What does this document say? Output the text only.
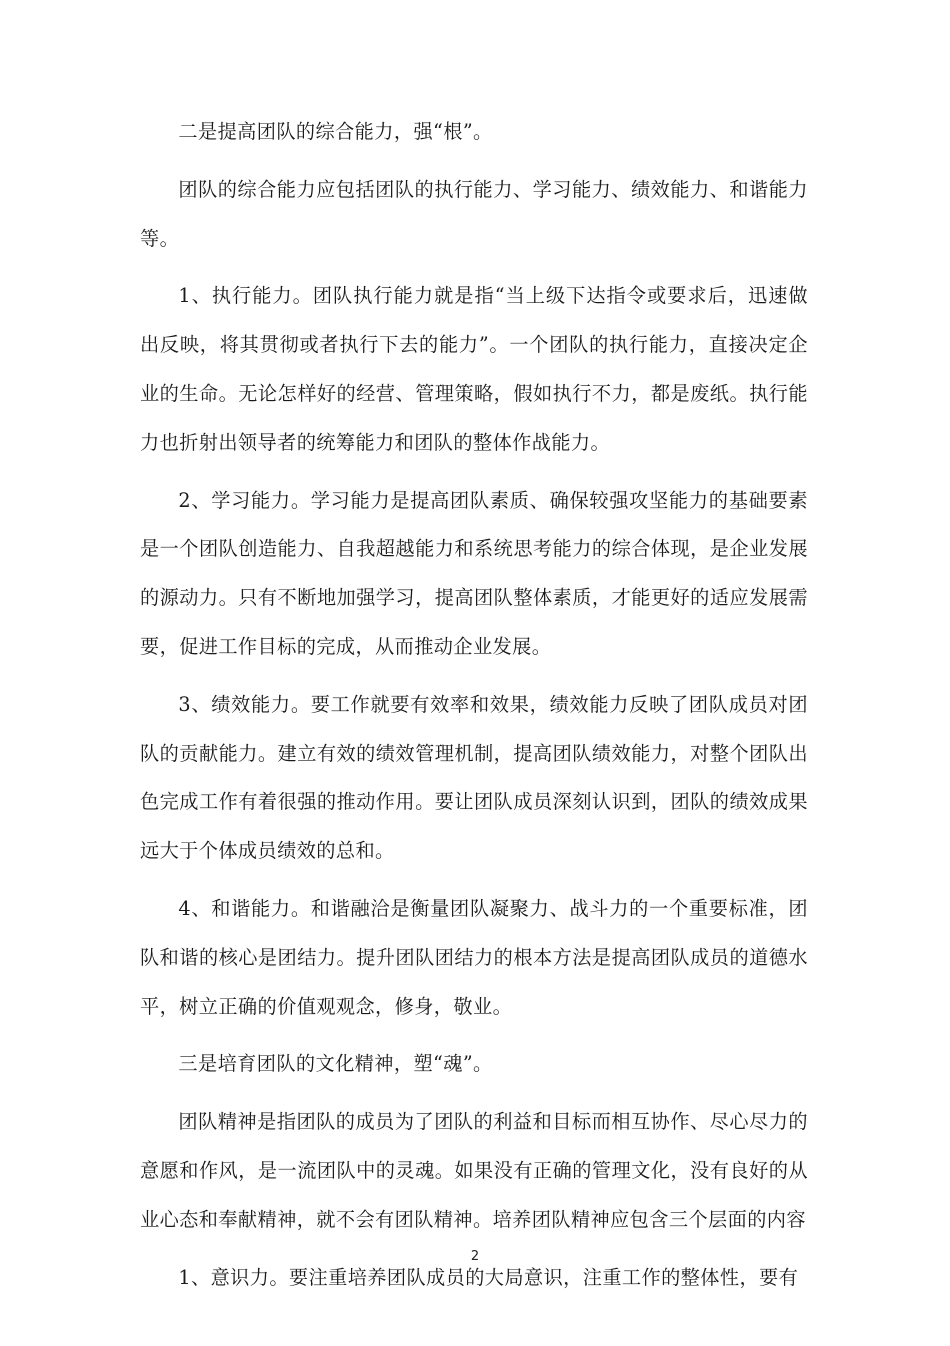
二是提高团队的综合能力，强“根”。

团队的综合能力应包括团队的执行能力、学习能力、绩效能力、和谐能力等。

1、执行能力。团队执行能力就是指“当上级下达指令或要求后，迅速做出反映，将其贯彻或者执行下去的能力”。一个团队的执行能力，直接决定企业的生命。无论怎样好的经营、管理策略，假如执行不力，都是废纸。执行能力也折射出领导者的统筹能力和团队的整体作战能力。

2、学习能力。学习能力是提高团队素质、确保较强攻坚能力的基础要素是一个团队创造能力、自我超越能力和系统思考能力的综合体现，是企业发展的源动力。只有不断地加强学习，提高团队整体素质，才能更好的适应发展需要，促进工作目标的完成，从而推动企业发展。

3、绩效能力。要工作就要有效率和效果，绩效能力反映了团队成员对团队的贡献能力。建立有效的绩效管理机制，提高团队绩效能力，对整个团队出色完成工作有着很强的推动作用。要让团队成员深刻认识到，团队的绩效成果远大于个体成员绩效的总和。

4、和谐能力。和谐融洽是衡量团队凝聚力、战斗力的一个重要标准，团队和谐的核心是团结力。提升团队团结力的根本方法是提高团队成员的道德水平，树立正确的价值观观念，修身，敬业。

三是培育团队的文化精神，塑“魂”。

团队精神是指团队的成员为了团队的利益和目标而相互协作、尽心尽力的意愿和作风，是一流团队中的灵魂。如果没有正确的管理文化，没有良好的从业心态和奉献精神，就不会有团队精神。培养团队精神应包含三个层面的内容

1、意识力。要注重培养团队成员的大局意识，注重工作的整体性，要有

2
